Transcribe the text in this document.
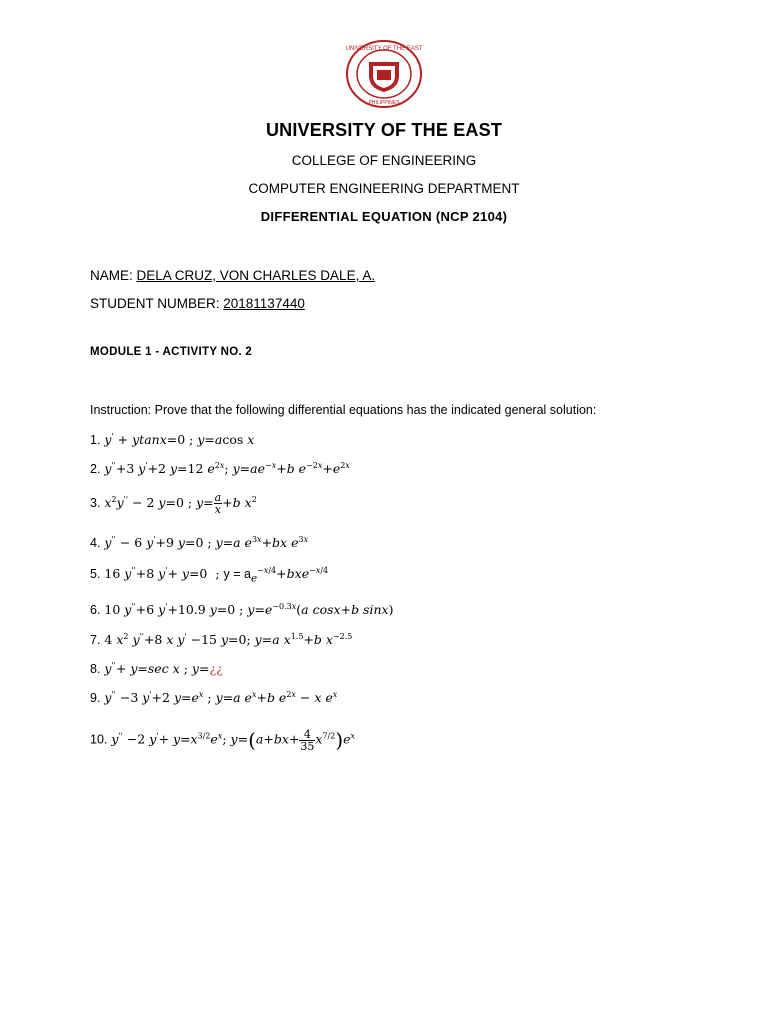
UNIVERSITY OF THE EAST
PHILIPPINES
UNIVERSITY OF THE EAST
COLLEGE OF ENGINEERING
COMPUTER ENGINEERING DEPARTMENT
DIFFERENTIAL EQUATION (NCP 2104)
NAME: DELA CRUZ, VON CHARLES DALE, A.
STUDENT NUMBER: 20181137440
MODULE 1 - ACTIVITY NO. 2
Instruction: Prove that the following differential equations has the indicated general solution:
1. y' + ytanx=0 ; y=acos x
2. y''+3 y'+2 y=12 $e^{2x}$; $y=ae^{-x}+b$ $e^{-2x}+e^{2x}$
3. $x^2y'' - 2$ y=0 ; $y= \frac{a}{x} +b$ $x^2$
4. y'' − 6 y'+9 y=0 ; y=a $e^{3x}+bx$ $e^{3x}$
5. 16 y''+8 y'+ y=0  ; $y = a_e^{-x/4}+bxe^{-x/4}$
6. 10 y''+6 y'+10.9 y=0 ; $y=e^{-0.3x}(a$ cosx+b sinx)
7. 4 $x^2$ y''+8 x y' −15 y=0; y=a $x^{1.5}+b$ $x^{-2.5}$
8. y''+ y=sec x ; y=¿¿
9. y'' −3 y'+2 $y=e^x$ ; y=a $e^x+b$ $e^{2x} - x$ $e^x$
10. y'' −2 $y'+ y=x^{3/2}e^x$; $y=(a+bx+ \frac{4}{35} x^{7/2})e^x$
